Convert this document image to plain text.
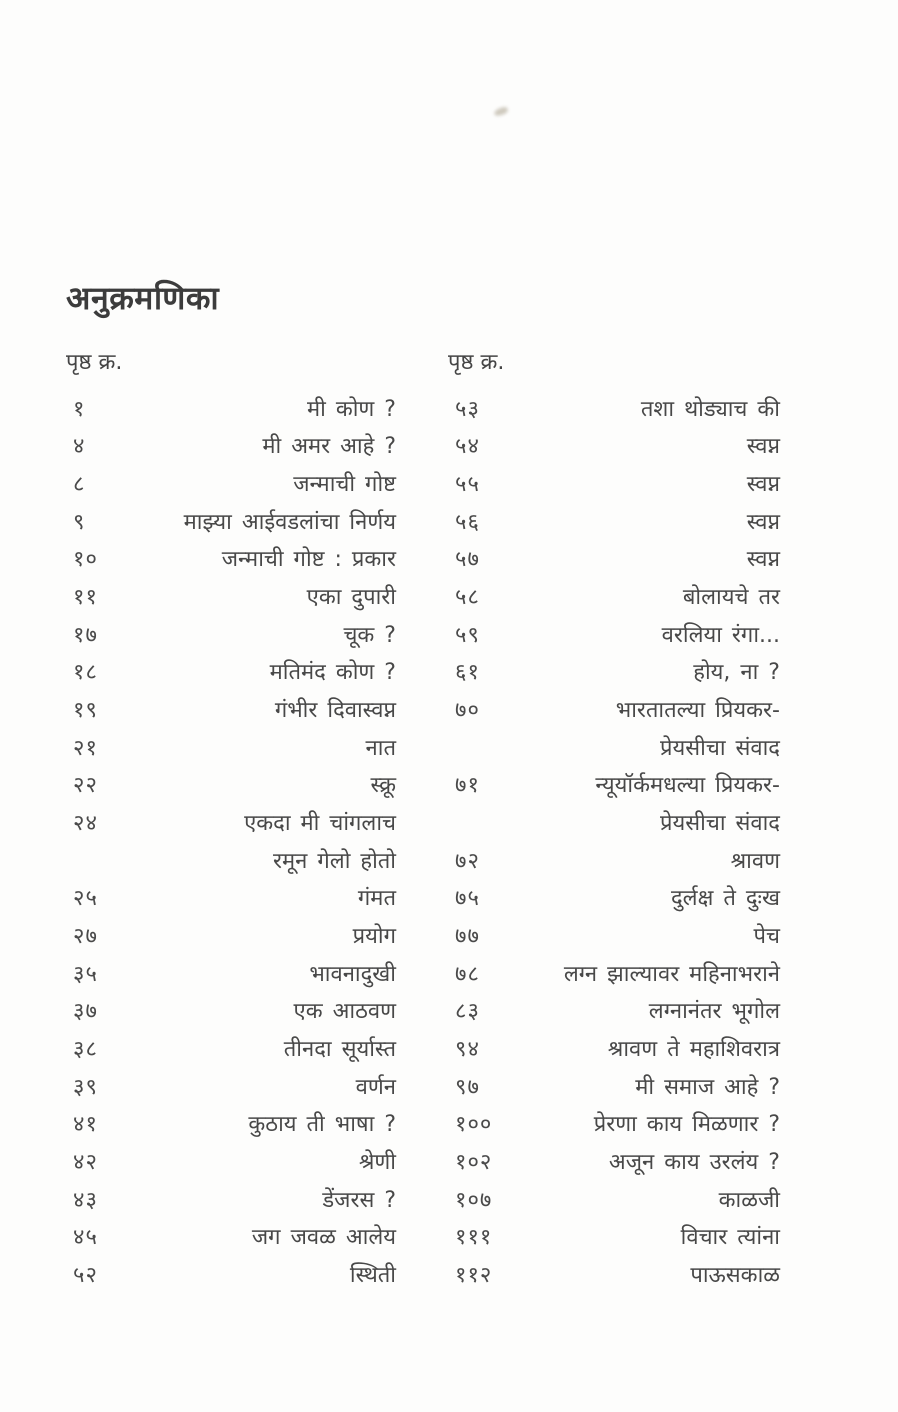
अनुक्रमणिका
पृष्ठ क्र.	पृष्ठ क्र.
१	मी कोण ?
४	मी अमर आहे ?
८	जन्माची गोष्ट
९	माझ्या आईवडलांचा निर्णय
१०	जन्माची गोष्ट : प्रकार
११	एका दुपारी
१७	चूक ?
१८	मतिमंद कोण ?
१९	गंभीर दिवास्वप्न
२१	नात
२२	स्क्रू
२४	एकदा मी चांगलाच
रमून गेलो होतो
२५	गंमत
२७	प्रयोग
३५	भावनादुखी
३७	एक आठवण
३८	तीनदा सूर्यास्त
३९	वर्णन
४१	कुठाय ती भाषा ?
४२	श्रेणी
४३	डेंजरस ?
४५	जग जवळ आलेय
५२	स्थिती
५३	तशा थोड्याच की
५४	स्वप्न
५५	स्वप्न
५६	स्वप्न
५७	स्वप्न
५८	बोलायचे तर
५९	वरलिया रंगा...
६१	होय, ना ?
७०	भारतातल्या प्रियकर-
प्रेयसीचा संवाद
७१	न्यूयॉर्कमधल्या प्रियकर-
प्रेयसीचा संवाद
७२	श्रावण
७५	दुर्लक्ष ते दुःख
७७	पेच
७८	लग्न झाल्यावर महिनाभराने
८३	लग्नानंतर भूगोल
९४	श्रावण ते महाशिवरात्र
९७	मी समाज आहे ?
१००	प्रेरणा काय मिळणार ?
१०२	अजून काय उरलंय ?
१०७	काळजी
१११	विचार त्यांना
११२	पाऊसकाळ
